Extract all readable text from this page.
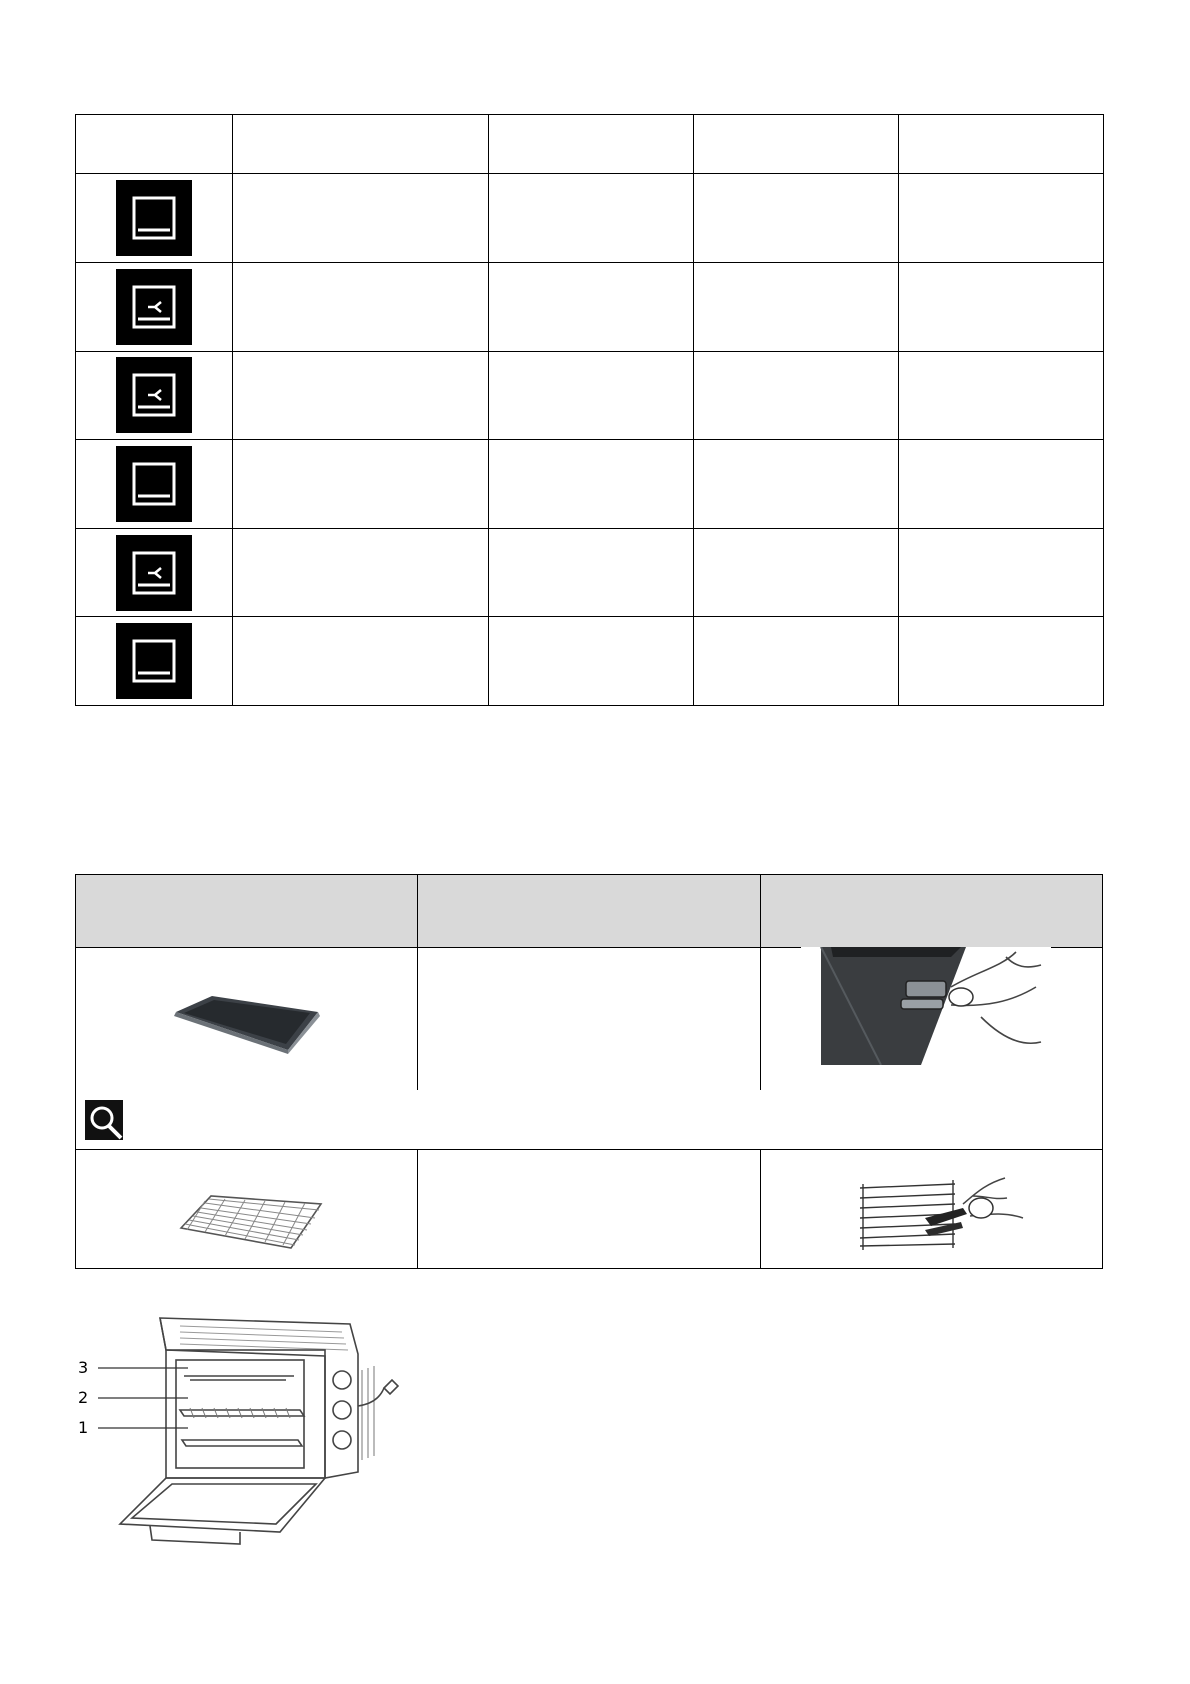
3
2
1
